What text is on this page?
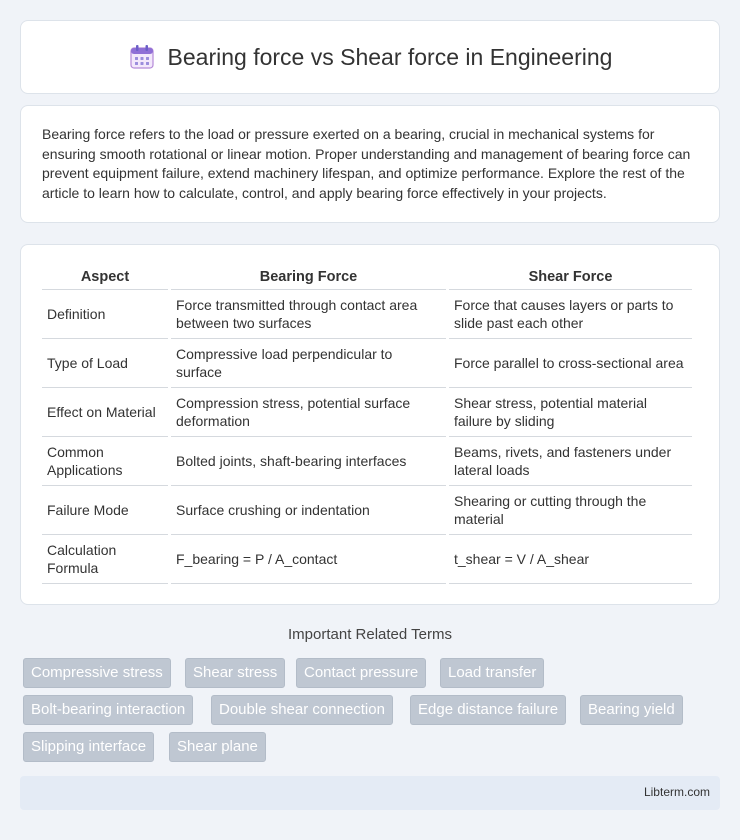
Bearing force vs Shear force in Engineering

Bearing force refers to the load or pressure exerted on a bearing, crucial in mechanical systems for ensuring smooth rotational or linear motion. Proper understanding and management of bearing force can prevent equipment failure, extend machinery lifespan, and optimize performance. Explore the rest of the article to learn how to calculate, control, and apply bearing force effectively in your projects.

Aspect	Bearing Force	Shear Force
Definition	Force transmitted through contact area between two surfaces	Force that causes layers or parts to slide past each other
Type of Load	Compressive load perpendicular to surface	Force parallel to cross-sectional area
Effect on Material	Compression stress, potential surface deformation	Shear stress, potential material failure by sliding
Common Applications	Bolted joints, shaft-bearing interfaces	Beams, rivets, and fasteners under lateral loads
Failure Mode	Surface crushing or indentation	Shearing or cutting through the material
Calculation Formula	F_bearing = P / A_contact	t_shear = V / A_shear
Important Related Terms
Compressive stress	Shear stress	Contact pressure	Load transfer
Bolt-bearing interaction	Double shear connection	Edge distance failure	Bearing yield
Slipping interface	Shear plane
Libterm.com
